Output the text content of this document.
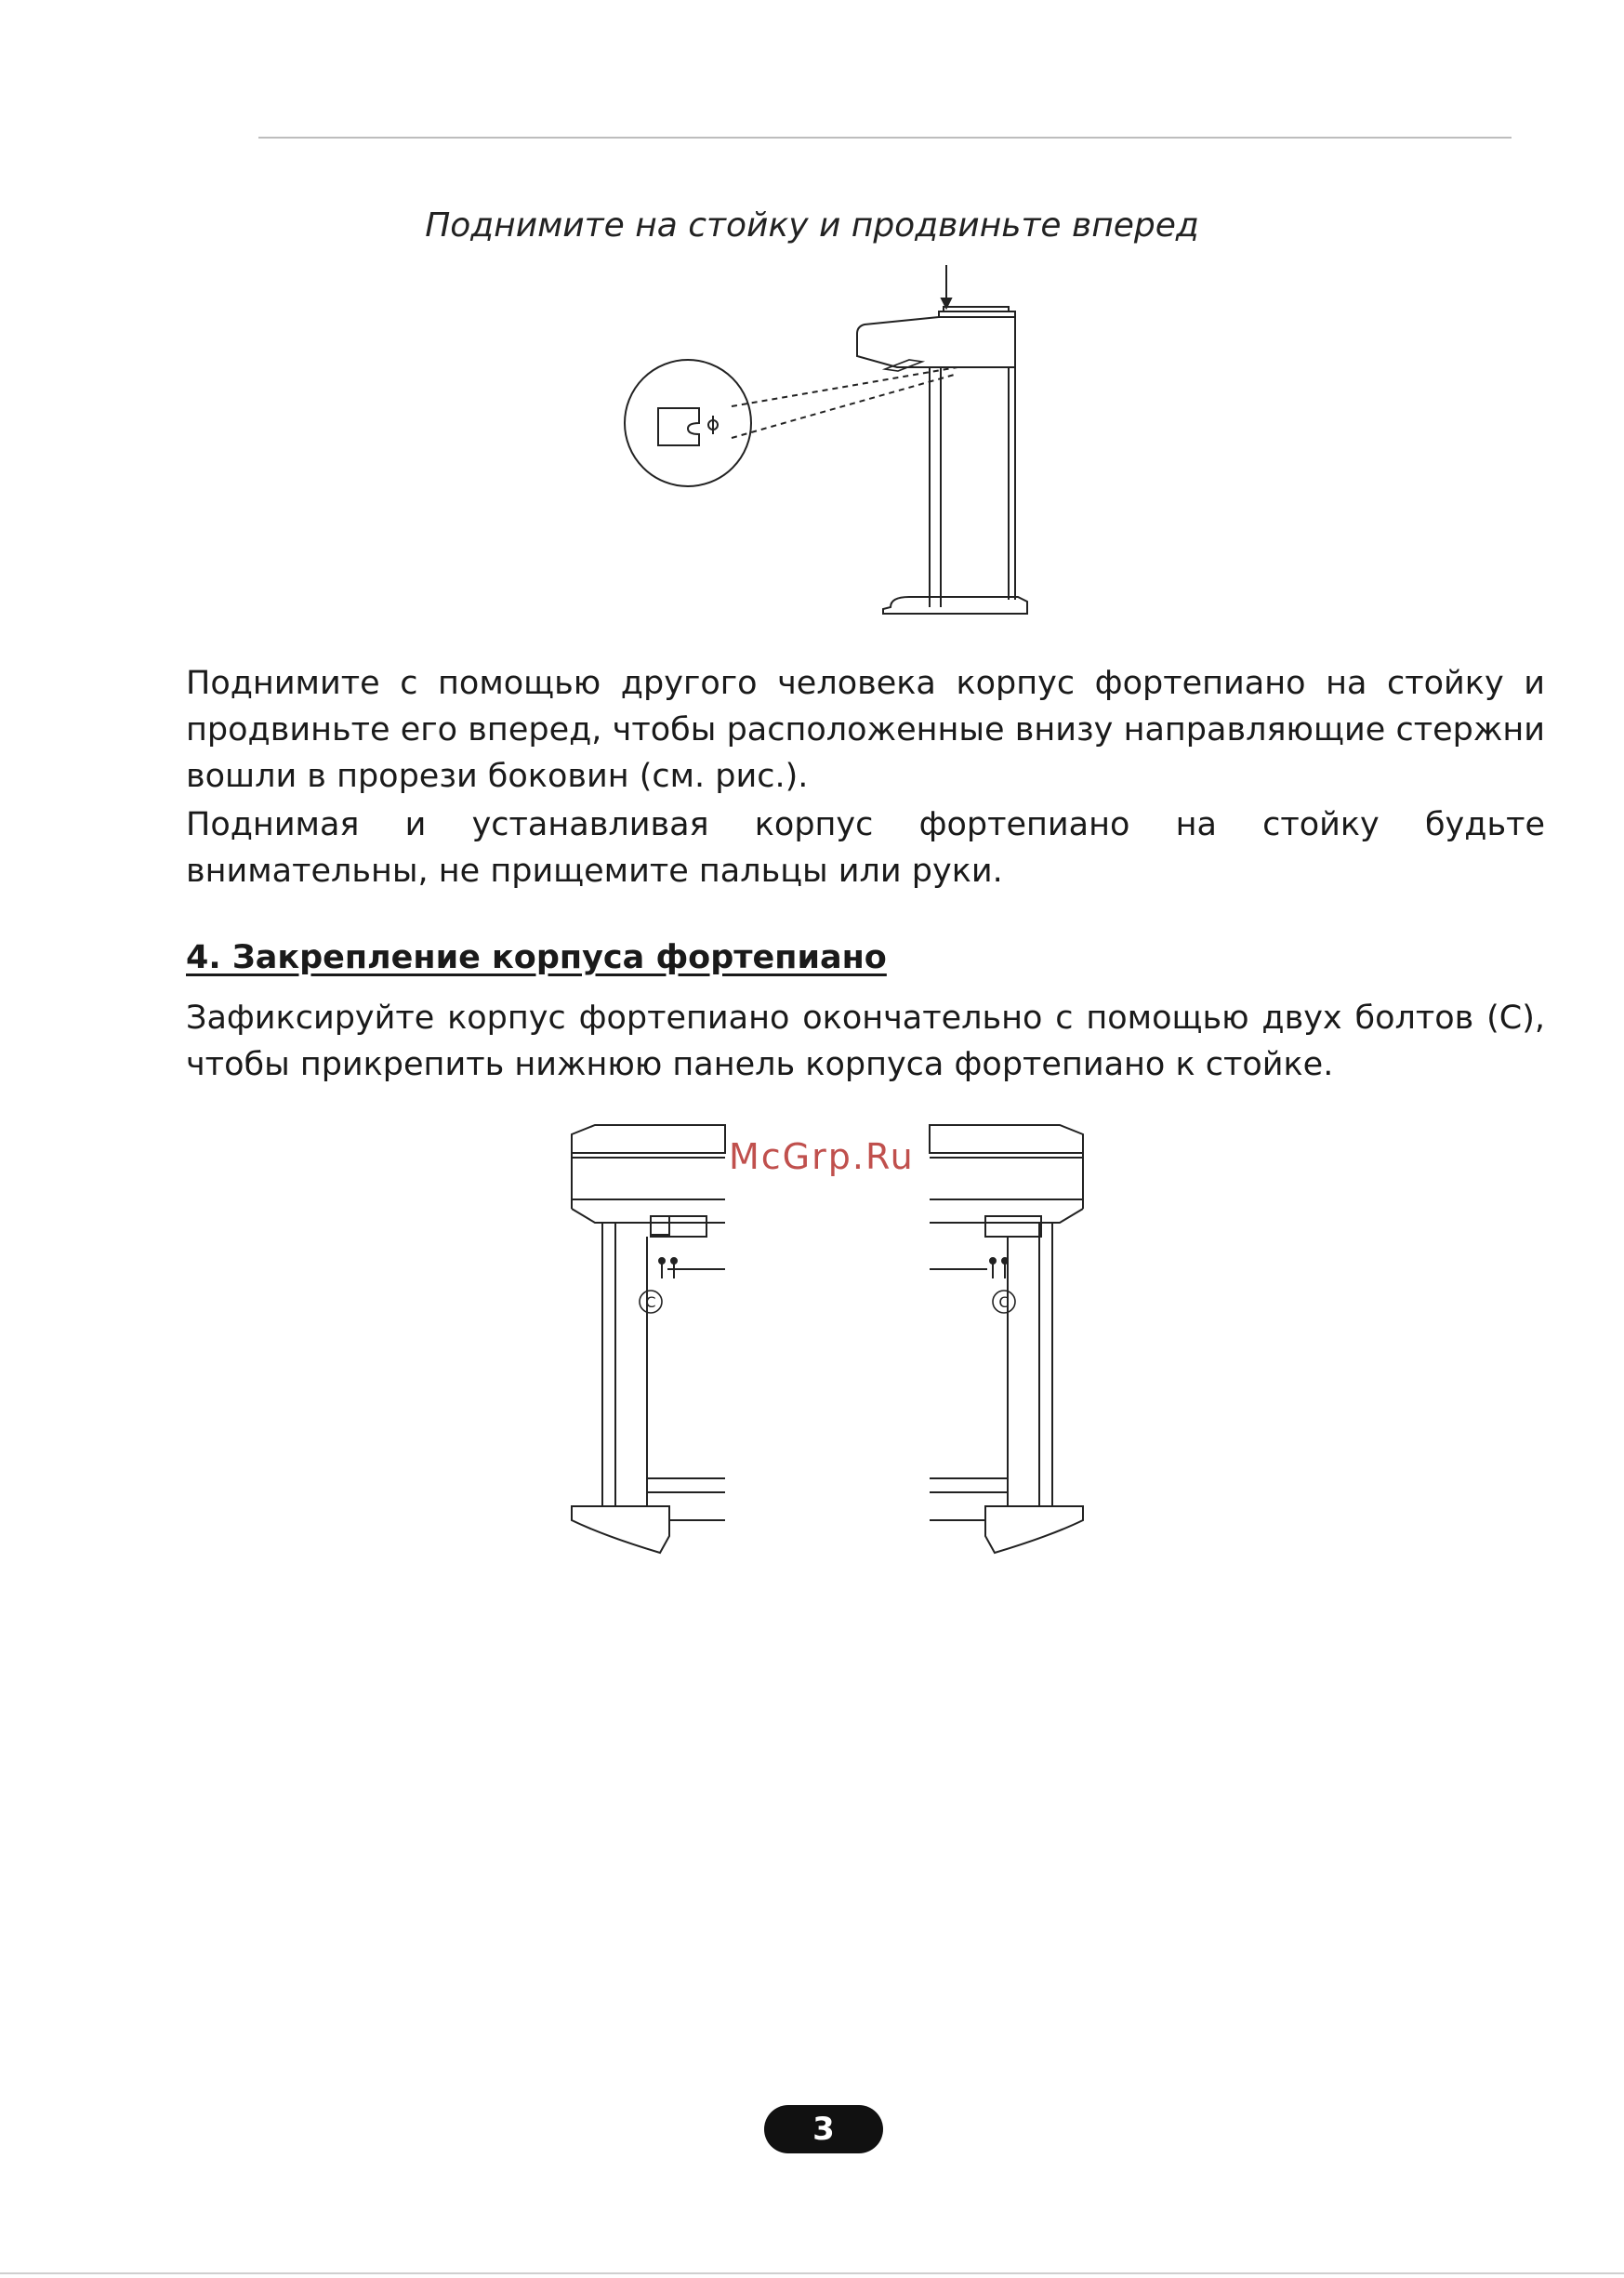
Поднимите на стойку и продвиньте вперед
Поднимите с помощью другого человека корпус фортепиано на стойку и продвиньте его вперед, чтобы расположенные внизу направляющие стержни вошли в прорези боковин (см. рис.).
Поднимая и устанавливая корпус фортепиано на стойку будьте внимательны, не прищемите пальцы или руки.
4. Закрепление корпуса фортепиано
Зафиксируйте корпус фортепиано окончательно с помощью двух болтов (C), чтобы прикрепить нижнюю панель корпуса фортепиано к стойке.
C	C
McGrp.Ru
3
